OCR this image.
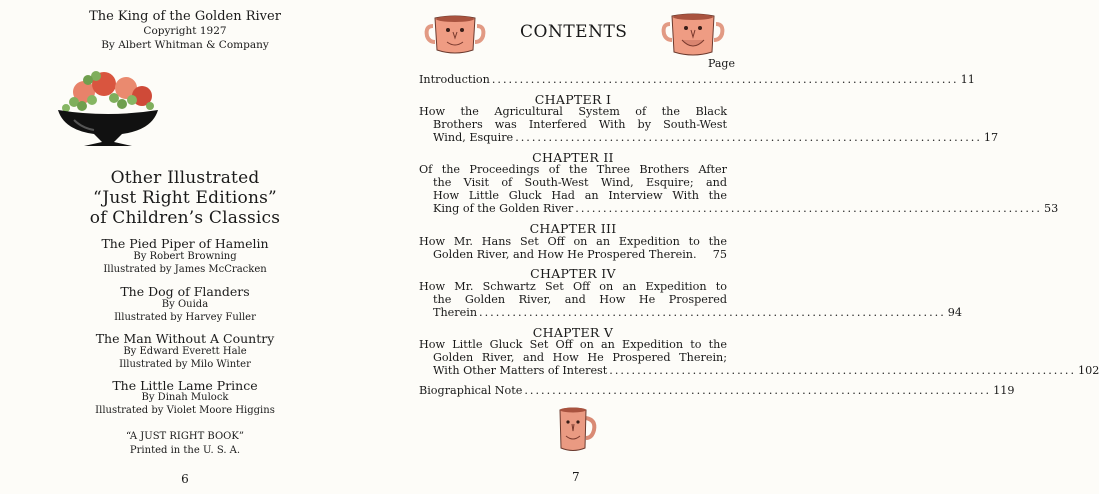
The King of the Golden River
Copyright 1927
By Albert Whitman & Company
Other Illustrated
“Just Right Editions”
of Children’s Classics
The Pied Piper of Hamelin
By Robert Browning
Illustrated by James McCracken
The Dog of Flanders
By Ouida
Illustrated by Harvey Fuller
The Man Without A Country
By Edward Everett Hale
Illustrated by Milo Winter
The Little Lame Prince
By Dinah Mulock
Illustrated by Violet Moore Higgins
“A JUST RIGHT BOOK”
Printed in the U. S. A.
6
CONTENTS
Page
Introduction .................................................................................... 11
CHAPTER I
How the Agricultural System of the Black
Brothers was Interfered With by South-West
Wind, Esquire .................................................................................... 17
CHAPTER II
Of the Proceedings of the Three Brothers After
the Visit of South-West Wind, Esquire; and
How Little Gluck Had an Interview With the
King of the Golden River .................................................................................... 53
CHAPTER III
How Mr. Hans Set Off on an Expedition to the
Golden River, and How He Prospered Therein. 75
CHAPTER IV
How Mr. Schwartz Set Off on an Expedition to
the Golden River, and How He Prospered
Therein .................................................................................... 94
CHAPTER V
How Little Gluck Set Off on an Expedition to the
Golden River, and How He Prospered Therein;
With Other Matters of Interest .................................................................................... 102
Biographical Note .................................................................................... 119
7
